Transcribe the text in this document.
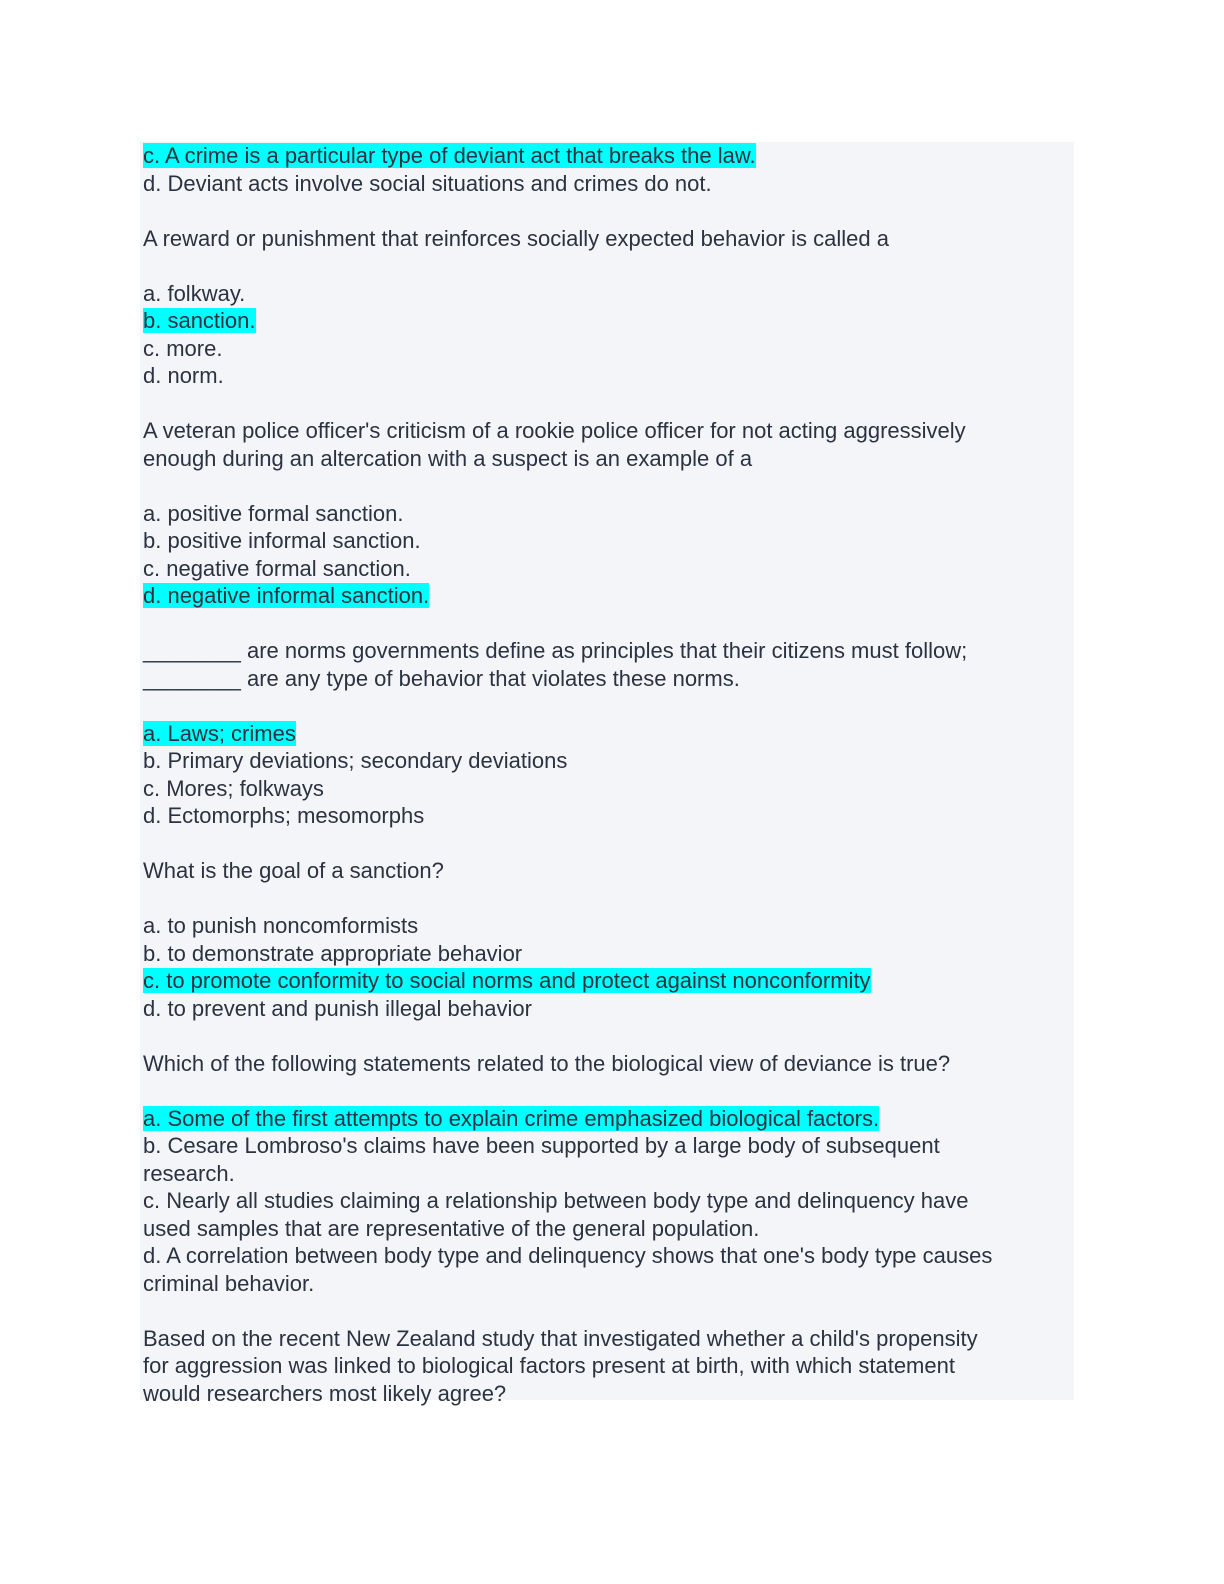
c. A crime is a particular type of deviant act that breaks the law.
d. Deviant acts involve social situations and crimes do not.
A reward or punishment that reinforces socially expected behavior is called a
a. folkway.
b. sanction.
c. more.
d. norm.
A veteran police officer's criticism of a rookie police officer for not acting aggressively
enough during an altercation with a suspect is an example of a
a. positive formal sanction.
b. positive informal sanction.
c. negative formal sanction.
d. negative informal sanction.
________ are norms governments define as principles that their citizens must follow;
________ are any type of behavior that violates these norms.
a. Laws; crimes
b. Primary deviations; secondary deviations
c. Mores; folkways
d. Ectomorphs; mesomorphs
What is the goal of a sanction?
a. to punish noncomformists
b. to demonstrate appropriate behavior
c. to promote conformity to social norms and protect against nonconformity
d. to prevent and punish illegal behavior
Which of the following statements related to the biological view of deviance is true?
a. Some of the first attempts to explain crime emphasized biological factors.
b. Cesare Lombroso's claims have been supported by a large body of subsequent
research.
c. Nearly all studies claiming a relationship between body type and delinquency have
used samples that are representative of the general population.
d. A correlation between body type and delinquency shows that one's body type causes
criminal behavior.
Based on the recent New Zealand study that investigated whether a child's propensity
for aggression was linked to biological factors present at birth, with which statement
would researchers most likely agree?
